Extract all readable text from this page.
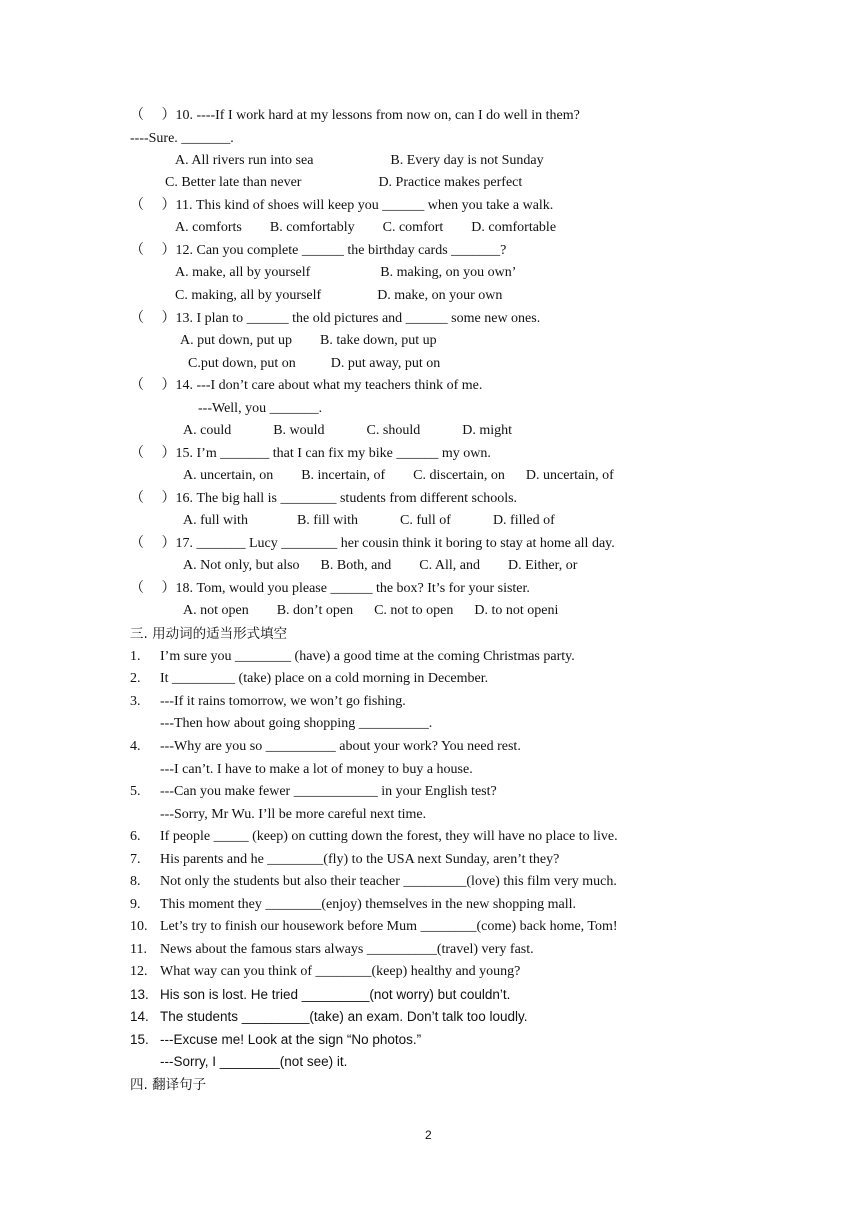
（　 ）10. ----If I work hard at my lessons from now on, can I do well in them?
----Sure. _______.
A. All rivers run into sea                      B. Every day is not Sunday
C. Better late than never                      D. Practice makes perfect
（　 ）11. This kind of shoes will keep you ______ when you take a walk.
A. comforts        B. comfortably        C. comfort        D. comfortable
（　 ）12. Can you complete ______ the birthday cards _______?
A. make, all by yourself                    B. making, on you own’
C. making, all by yourself                D. make, on your own
（　 ）13. I plan to ______ the old pictures and ______ some new ones.
A. put down, put up        B. take down, put up
C.put down, put on          D. put away, put on
（　 ）14. ---I don’t care about what my teachers think of me.
---Well, you _______.
A. could            B. would            C. should            D. might
（　 ）15. I’m _______ that I can fix my bike ______ my own.
A. uncertain, on        B. incertain, of        C. discertain, on      D. uncertain, of
（　 ）16. The big hall is ________ students from different schools.
A. full with              B. fill with            C. full of            D. filled of
（　 ）17. _______ Lucy ________ her cousin think it boring to stay at home all day.
A. Not only, but also      B. Both, and        C. All, and        D. Either, or
（　 ）18. Tom, would you please ______ the box? It’s for your sister.
A. not open        B. don’t open      C. not to open      D. to not openi
三. 用动词的适当形式填空
1. I’m sure you ________ (have) a good time at the coming Christmas party.
2. It _________ (take) place on a cold morning in December.
3. ---If it rains tomorrow, we won’t go fishing.
---Then how about going shopping __________.
4. ---Why are you so __________ about your work? You need rest.
---I can’t. I have to make a lot of money to buy a house.
5. ---Can you make fewer ____________ in your English test?
---Sorry, Mr Wu. I’ll be more careful next time.
6. If people _____ (keep) on cutting down the forest, they will have no place to live.
7. His parents and he ________(fly) to the USA next Sunday, aren’t they?
8. Not only the students but also their teacher _________(love) this film very much.
9. This moment they ________(enjoy) themselves in the new shopping mall.
10. Let’s try to finish our housework before Mum ________(come) back home, Tom!
11. News about the famous stars always __________(travel) very fast.
12. What way can you think of ________(keep) healthy and young?
13. His son is lost. He tried _________(not worry) but couldn’t.
14. The students _________(take) an exam. Don’t talk too loudly.
15. ---Excuse me! Look at the sign “No photos.”
---Sorry, I ________(not see) it.
四. 翻译句子
2
